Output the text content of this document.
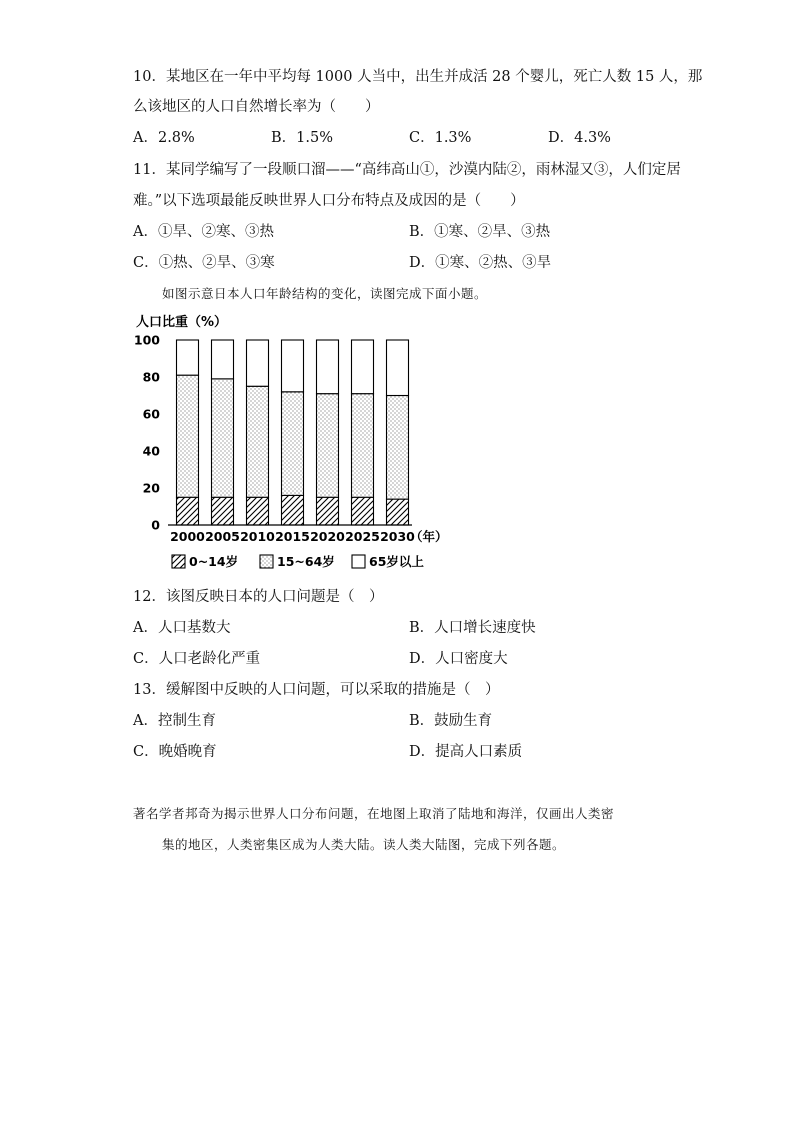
10．某地区在一年中平均每 1000 人当中，出生并成活 28 个婴儿，死亡人数 15 人，那
么该地区的人口自然增长率为（　　）
A．2.8%	B．1.5%	C．1.3%	D．4.3%
11．某同学编写了一段顺口溜——“高纬高山①，沙漠内陆②，雨林湿又③，人们定居
难。”以下选项最能反映世界人口分布特点及成因的是（　　）
A．①旱、②寒、③热	B．①寒、②旱、③热
C．①热、②旱、③寒	D．①寒、②热、③旱
如图示意日本人口年龄结构的变化，读图完成下面小题。
人口比重（%）
0
20
40
60
80
100
2000 2005 2010 2015 2020 2025 2030
（年）
0~14岁	15~64岁	65岁以上
12．该图反映日本的人口问题是（　）
A．人口基数大	B．人口增长速度快
C．人口老龄化严重	D．人口密度大
13．缓解图中反映的人口问题，可以采取的措施是（　）
A．控制生育	B．鼓励生育
C．晚婚晚育	D．提高人口素质
著名学者邦奇为揭示世界人口分布问题，在地图上取消了陆地和海洋，仅画出人类密
集的地区，人类密集区成为人类大陆。读人类大陆图，完成下列各题。
